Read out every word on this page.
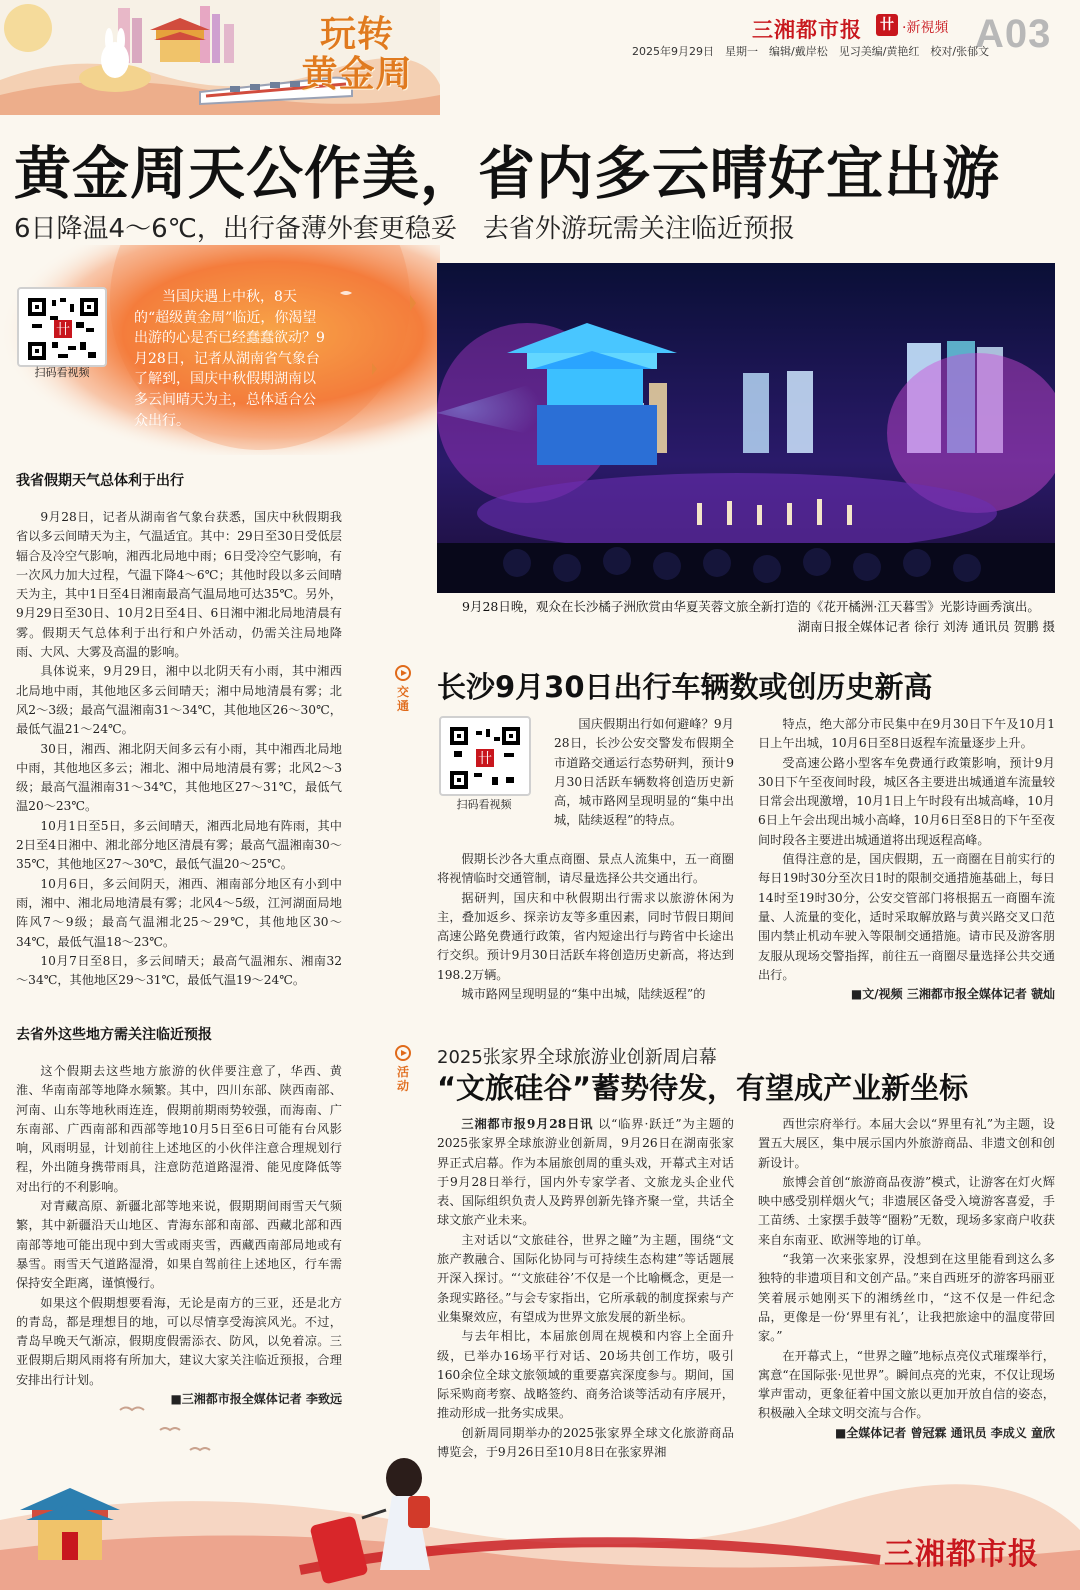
玩转
黄金周
三湘都市报 卄 ·新視頻 A03
2025年9月29日　星期一　编辑/戴岸松　见习美编/黄艳红　校对/张郁文
黄金周天公作美，省内多云晴好宜出游
6日降温4～6℃，出行备薄外套更稳妥　去省外游玩需关注临近预报
卄
扫码看视频

当国庆遇上中秋，8天的“超级黄金周”临近，你渴望出游的心是否已经蠢蠢欲动？9月28日，记者从湖南省气象台了解到，国庆中秋假期湖南以多云间晴天为主，总体适合公众出行。

我省假期天气总体利于出行

9月28日，记者从湖南省气象台获悉，国庆中秋假期我省以多云间晴天为主，气温适宜。其中：29日至30日受低层辐合及冷空气影响，湘西北局地中雨；6日受冷空气影响，有一次风力加大过程，气温下降4～6℃；其他时段以多云间晴天为主，其中1日至4日湘南最高气温局地可达35℃。另外，9月29日至30日、10月2日至4日、6日湘中湘北局地清晨有雾。假期天气总体利于出行和户外活动，仍需关注局地降雨、大风、大雾及高温的影响。

具体说来，9月29日，湘中以北阴天有小雨，其中湘西北局地中雨，其他地区多云间晴天；湘中局地清晨有雾；北风2～3级；最高气温湘南31～34℃，其他地区26～30℃，最低气温21～24℃。

30日，湘西、湘北阴天间多云有小雨，其中湘西北局地中雨，其他地区多云；湘北、湘中局地清晨有雾；北风2～3级；最高气温湘南31～34℃，其他地区27～31℃，最低气温20～23℃。

10月1日至5日，多云间晴天，湘西北局地有阵雨，其中2日至4日湘中、湘北部分地区清晨有雾；最高气温湘南30～35℃，其他地区27～30℃，最低气温20～25℃。

10月6日，多云间阴天，湘西、湘南部分地区有小到中雨，湘中、湘北局地清晨有雾；北风4～5级，江河湖面局地阵风7～9级；最高气温湘北25～29℃，其他地区30～34℃，最低气温18～23℃。

10月7日至8日，多云间晴天；最高气温湘东、湘南32～34℃，其他地区29～31℃，最低气温19～24℃。

去省外这些地方需关注临近预报

这个假期去这些地方旅游的伙伴要注意了，华西、黄淮、华南南部等地降水频繁。其中，四川东部、陕西南部、河南、山东等地秋雨连连，假期前期雨势较强，而海南、广东南部、广西南部和西部等地10月5日至6日可能有台风影响，风雨明显，计划前往上述地区的小伙伴注意合理规划行程，外出随身携带雨具，注意防范道路湿滑、能见度降低等对出行的不利影响。

对青藏高原、新疆北部等地来说，假期期间雨雪天气频繁，其中新疆沿天山地区、青海东部和南部、西藏北部和西南部等地可能出现中到大雪或雨夹雪，西藏西南部局地或有暴雪。雨雪天气道路湿滑，如果自驾前往上述地区，行车需保持安全距离，谨慎慢行。

如果这个假期想要看海，无论是南方的三亚，还是北方的青岛，都是理想目的地，可以尽情享受海滨风光。不过，青岛早晚天气渐凉，假期度假需添衣、防风，以免着凉。三亚假期后期风雨将有所加大，建议大家关注临近预报，合理安排出行计划。

■三湘都市报全媒体记者 李致远

9月28日晚，观众在长沙橘子洲欣赏由华夏芙蓉文旅全新打造的《花开橘洲·江天暮雪》光影诗画秀演出。

湖南日报全媒体记者 徐行 刘涛 通讯员 贺鹏 摄
交通
长沙9月30日出行车辆数或创历史新高
卄
扫码看视频

国庆假期出行如何避峰？9月28日，长沙公安交警发布假期全市道路交通运行态势研判，预计9月30日活跃车辆数将创造历史新高，城市路网呈现明显的“集中出城，陆续返程”的特点。

假期长沙各大重点商圈、景点人流集中，五一商圈将视情临时交通管制，请尽量选择公共交通出行。

据研判，国庆和中秋假期出行需求以旅游休闲为主，叠加返乡、探亲访友等多重因素，同时节假日期间高速公路免费通行政策，省内短途出行与跨省中长途出行交织。预计9月30日活跃车将创造历史新高，将达到198.2万辆。

城市路网呈现明显的“集中出城，陆续返程”的

特点，绝大部分市民集中在9月30日下午及10月1日上午出城，10月6日至8日返程车流量逐步上升。

受高速公路小型客车免费通行政策影响，预计9月30日下午至夜间时段，城区各主要进出城通道车流量较日常会出现激增，10月1日上午时段有出城高峰，10月6日上午会出现出城小高峰，10月6日至8日的下午至夜间时段各主要进出城通道将出现返程高峰。

值得注意的是，国庆假期，五一商圈在目前实行的每日19时30分至次日1时的限制交通措施基础上，每日14时至19时30分，公安交管部门将根据五一商圈车流量、人流量的变化，适时采取解放路与黄兴路交叉口范围内禁止机动车驶入等限制交通措施。请市民及游客朋友服从现场交警指挥，前往五一商圈尽量选择公共交通出行。

■文/视频 三湘都市报全媒体记者 虢灿
活动
2025张家界全球旅游业创新周启幕
“文旅硅谷”蓄势待发，有望成产业新坐标

三湘都市报9月28日讯 以“临界·跃迁”为主题的2025张家界全球旅游业创新周，9月26日在湖南张家界正式启幕。作为本届旅创周的重头戏，开幕式主对话于9月28日举行，国内外专家学者、文旅龙头企业代表、国际组织负责人及跨界创新先锋齐聚一堂，共话全球文旅产业未来。

主对话以“文旅硅谷，世界之瞳”为主题，围绕“文旅产教融合、国际化协同与可持续生态构建”等话题展开深入探讨。“‘文旅硅谷’不仅是一个比喻概念，更是一条现实路径。”与会专家指出，它所承载的制度探索与产业集聚效应，有望成为世界文旅发展的新坐标。

与去年相比，本届旅创周在规模和内容上全面升级，已举办16场平行对话、20场共创工作坊，吸引160余位全球文旅领域的重要嘉宾深度参与。期间，国际采购商考察、战略签约、商务洽谈等活动有序展开，推动形成一批务实成果。

创新周同期举办的2025张家界全球文化旅游商品博览会，于9月26日至10月8日在张家界湘

西世宗府举行。本届大会以“界里有礼”为主题，设置五大展区，集中展示国内外旅游商品、非遗文创和创新设计。

旅博会首创“旅游商品夜游”模式，让游客在灯火辉映中感受别样烟火气；非遗展区备受入境游客喜爱，手工苗绣、土家摆手鼓等“圈粉”无数，现场多家商户收获来自东南亚、欧洲等地的订单。

“我第一次来张家界，没想到在这里能看到这么多独特的非遗项目和文创产品。”来自西班牙的游客玛丽亚笑着展示她刚买下的湘绣丝巾，“这不仅是一件纪念品，更像是一份‘界里有礼’，让我把旅途中的温度带回家。”

在开幕式上，“世界之瞳”地标点亮仪式璀璨举行，寓意“在国际张·见世界”。瞬间点亮的光束，不仅让现场掌声雷动，更象征着中国文旅以更加开放自信的姿态，积极融入全球文明交流与合作。

■全媒体记者 曾冠霖 通讯员 李成义 童欣
三湘都市报
